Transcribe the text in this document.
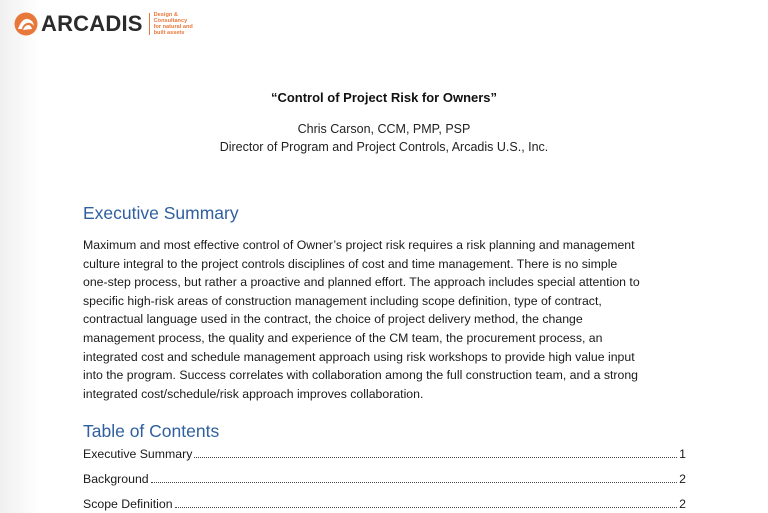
ARCADIS Design & Consultancy
for natural and
built assets
“Control of Project Risk for Owners”
Chris Carson, CCM, PMP, PSP
Director of Program and Project Controls, Arcadis U.S., Inc.
Executive Summary
Maximum and most effective control of Owner’s project risk requires a risk planning and management
culture integral to the project controls disciplines of cost and time management. There is no simple
one-step process, but rather a proactive and planned effort. The approach includes special attention to
specific high-risk areas of construction management including scope definition, type of contract,
contractual language used in the contract, the choice of project delivery method, the change
management process, the quality and experience of the CM team, the procurement process, an
integrated cost and schedule management approach using risk workshops to provide high value input
into the program. Success correlates with collaboration among the full construction team, and a strong
integrated cost/schedule/risk approach improves collaboration.
Table of Contents
Executive Summary	1
Background	2
Scope Definition	2
